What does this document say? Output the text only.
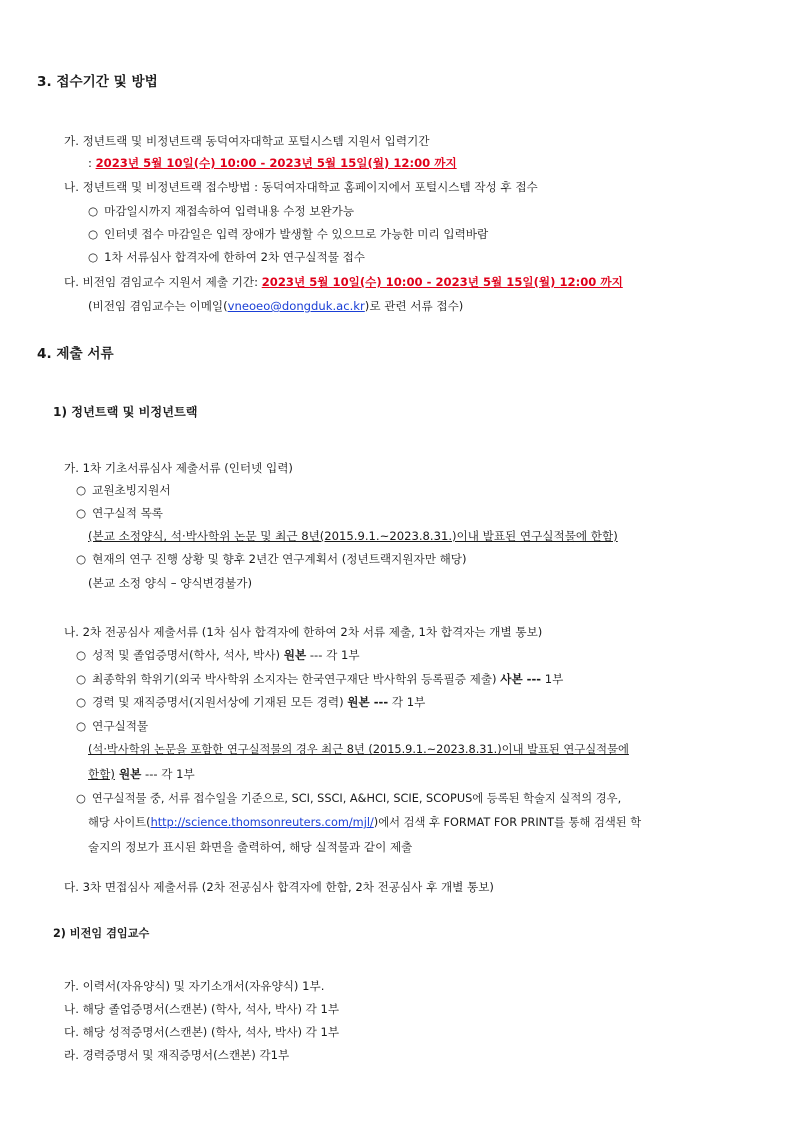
3. 접수기간 및 방법
가. 정년트랙 및 비정년트랙 동덕여자대학교 포털시스템 지원서 입력기간
: 2023년 5월 10일(수) 10:00 - 2023년 5월 15일(월) 12:00 까지
나. 정년트랙 및 비정년트랙 접수방법 : 동덕여자대학교 홈페이지에서 포털시스템 작성 후 접수
○ 마감일시까지 재접속하여 입력내용 수정 보완가능
○ 인터넷 접수 마감일은 입력 장애가 발생할 수 있으므로 가능한 미리 입력바람
○ 1차 서류심사 합격자에 한하여 2차 연구실적물 접수
다. 비전임 겸임교수 지원서 제출 기간: 2023년 5월 10일(수) 10:00 - 2023년 5월 15일(월) 12:00 까지
(비전임 겸임교수는 이메일(vneoeo@dongduk.ac.kr)로 관련 서류 접수)
4. 제출 서류
1) 정년트랙 및 비정년트랙
가. 1차 기초서류심사 제출서류 (인터넷 입력)
○ 교원초빙지원서
○ 연구실적 목록
(본교 소정양식, 석·박사학위 논문 및 최근 8년(2015.9.1.~2023.8.31.)이내 발표된 연구실적물에 한함)
○ 현재의 연구 진행 상황 및 향후 2년간 연구계획서 (정년트랙지원자만 해당)
(본교 소정 양식 – 양식변경불가)
나. 2차 전공심사 제출서류 (1차 심사 합격자에 한하여 2차 서류 제출, 1차 합격자는 개별 통보)
○ 성적 및 졸업증명서(학사, 석사, 박사) 원본 --- 각 1부
○ 최종학위 학위기(외국 박사학위 소지자는 한국연구재단 박사학위 등록필증 제출) 사본 --- 1부
○ 경력 및 재직증명서(지원서상에 기재된 모든 경력) 원본 --- 각 1부
○ 연구실적물
(석·박사학위 논문을 포함한 연구실적물의 경우 최근 8년 (2015.9.1.~2023.8.31.)이내 발표된 연구실적물에
한함) 원본 --- 각 1부
○ 연구실적물 중, 서류 접수일을 기준으로, SCI, SSCI, A&HCI, SCIE, SCOPUS에 등록된 학술지 실적의 경우,
해당 사이트(http://science.thomsonreuters.com/mjl/)에서 검색 후 FORMAT FOR PRINT를 통해 검색된 학
술지의 정보가 표시된 화면을 출력하여, 해당 실적물과 같이 제출
다. 3차 면접심사 제출서류 (2차 전공심사 합격자에 한함, 2차 전공심사 후 개별 통보)
2) 비전임 겸임교수
가. 이력서(자유양식) 및 자기소개서(자유양식) 1부.
나. 해당 졸업증명서(스캔본) (학사, 석사, 박사) 각 1부
다. 해당 성적증명서(스캔본) (학사, 석사, 박사) 각 1부
라. 경력증명서 및 재직증명서(스캔본) 각1부
